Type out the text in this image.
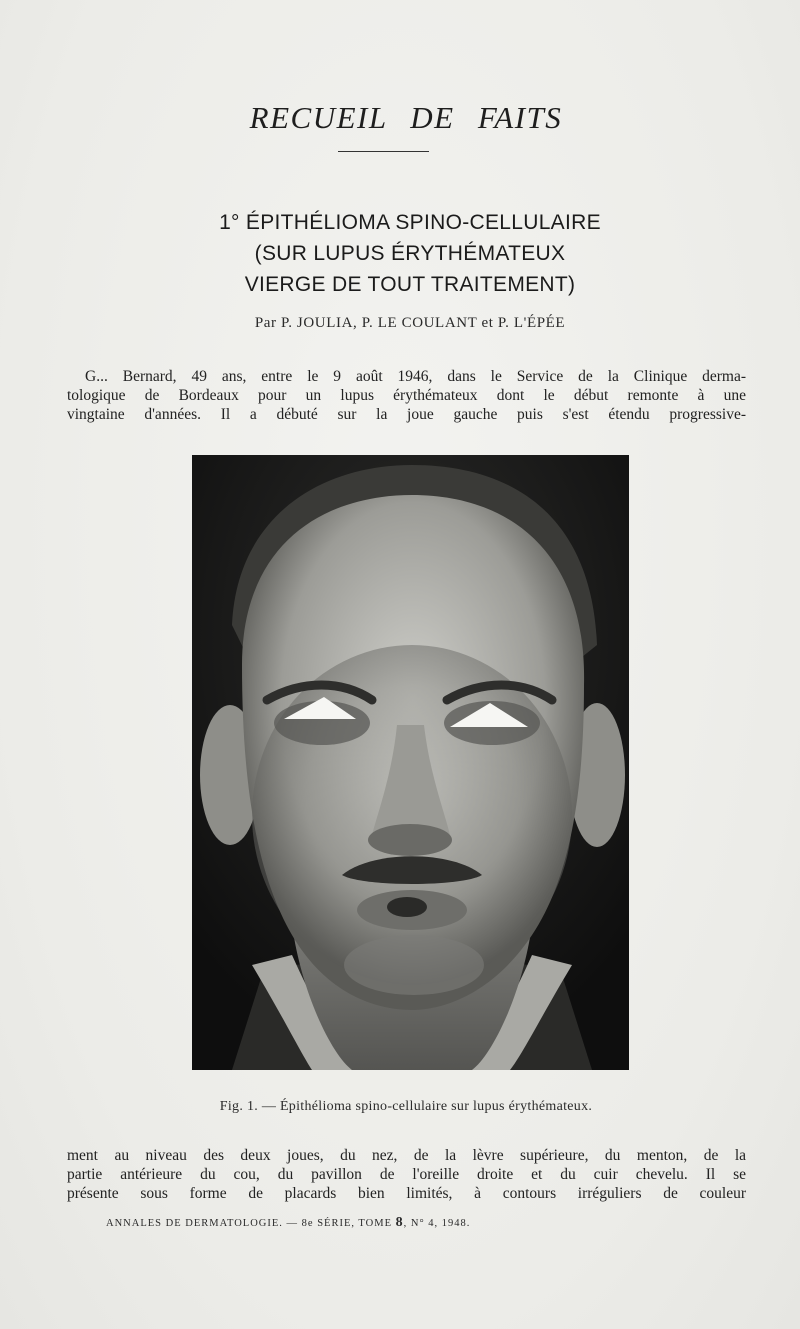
RECUEIL DE FAITS
1° ÉPITHÉLIOMA SPINO-CELLULAIRE
(SUR LUPUS ÉRYTHÉMATEUX
VIERGE DE TOUT TRAITEMENT)
Par P. JOULIA, P. LE COULANT et P. L'ÉPÉE
G... Bernard, 49 ans, entre le 9 août 1946, dans le Service de la Clinique derma-
tologique de Bordeaux pour un lupus érythémateux dont le début remonte à une
vingtaine d'années. Il a débuté sur la joue gauche puis s'est étendu progressive-
Fig. 1. — Épithélioma spino-cellulaire sur lupus érythémateux.
ment au niveau des deux joues, du nez, de la lèvre supérieure, du menton, de la
partie antérieure du cou, du pavillon de l'oreille droite et du cuir chevelu. Il se
présente sous forme de placards bien limités, à contours irréguliers de couleur
ANNALES DE DERMATOLOGIE. — 8e SÉRIE, TOME 8, N° 4, 1948.
